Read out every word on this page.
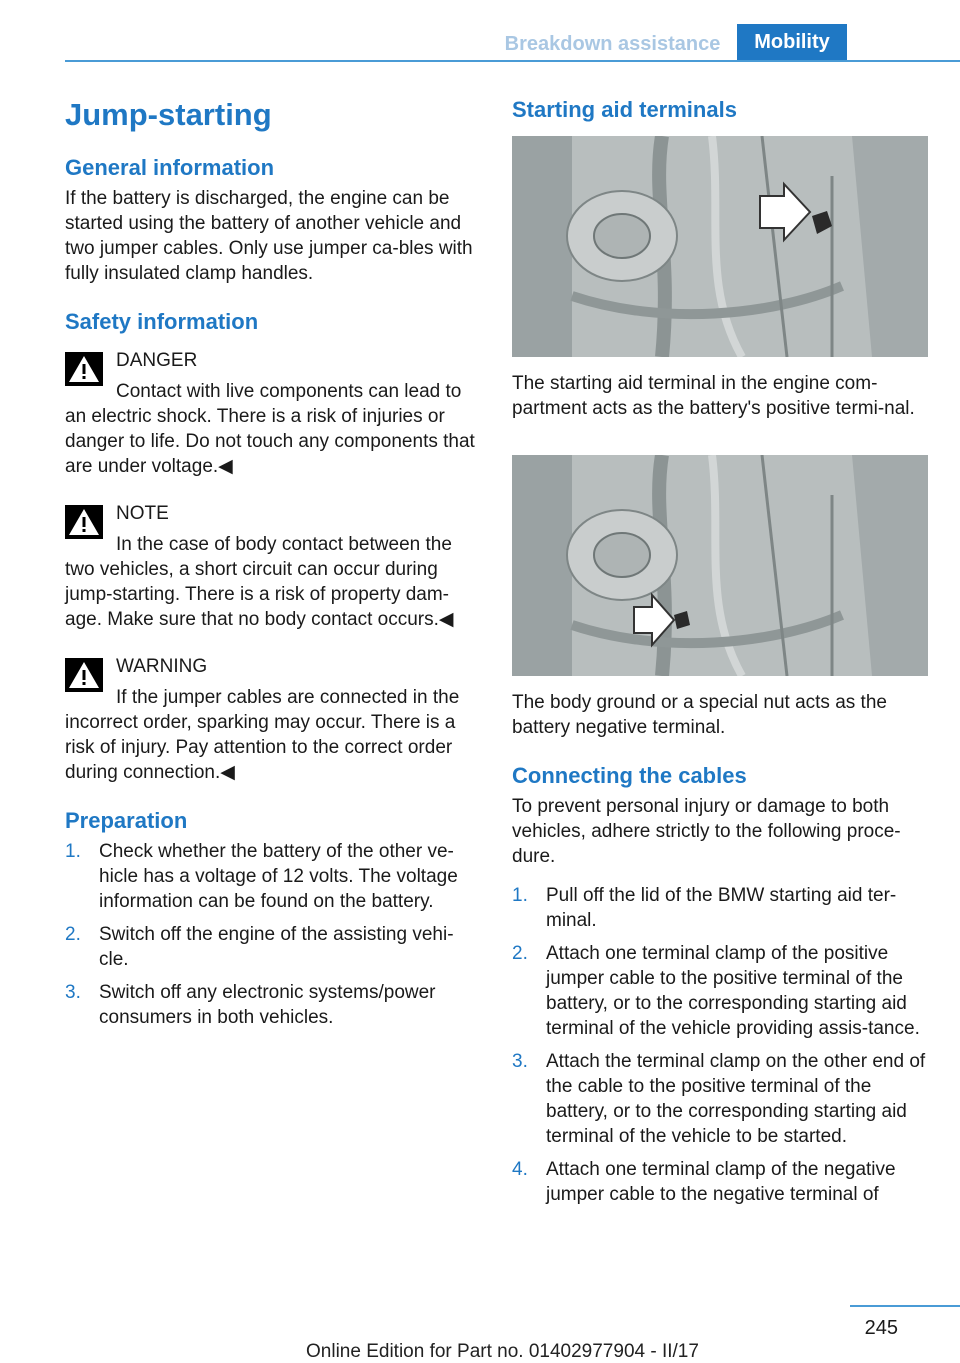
Breakdown assistance	Mobility
Jump-starting
General information

If the battery is discharged, the engine can be started using the battery of another vehicle and two jumper cables. Only use jumper ca-bles with fully insulated clamp handles.

Safety information
DANGER

Contact with live components can lead to an electric shock. There is a risk of injuries or danger to life. Do not touch any components that are under voltage.◀

NOTE

In the case of body contact between the two vehicles, a short circuit can occur during jump-starting. There is a risk of property dam-age. Make sure that no body contact occurs.◀

WARNING

If the jumper cables are connected in the incorrect order, sparking may occur. There is a risk of injury. Pay attention to the correct order during connection.◀

Preparation
1. Check whether the battery of the other ve-hicle has a voltage of 12 volts. The voltage information can be found on the battery.
2. Switch off the engine of the assisting vehi-cle.
3. Switch off any electronic systems/power consumers in both vehicles.
Starting aid terminals

The starting aid terminal in the engine com-partment acts as the battery's positive termi-nal.

The body ground or a special nut acts as the battery negative terminal.

Connecting the cables

To prevent personal injury or damage to both vehicles, adhere strictly to the following proce-dure.

1. Pull off the lid of the BMW starting aid ter-minal.
2. Attach one terminal clamp of the positive jumper cable to the positive terminal of the battery, or to the corresponding starting aid terminal of the vehicle providing assis-tance.
3. Attach the terminal clamp on the other end of the cable to the positive terminal of the battery, or to the corresponding starting aid terminal of the vehicle to be started.
4. Attach one terminal clamp of the negative jumper cable to the negative terminal of
245
Online Edition for Part no. 01402977904 - II/17
